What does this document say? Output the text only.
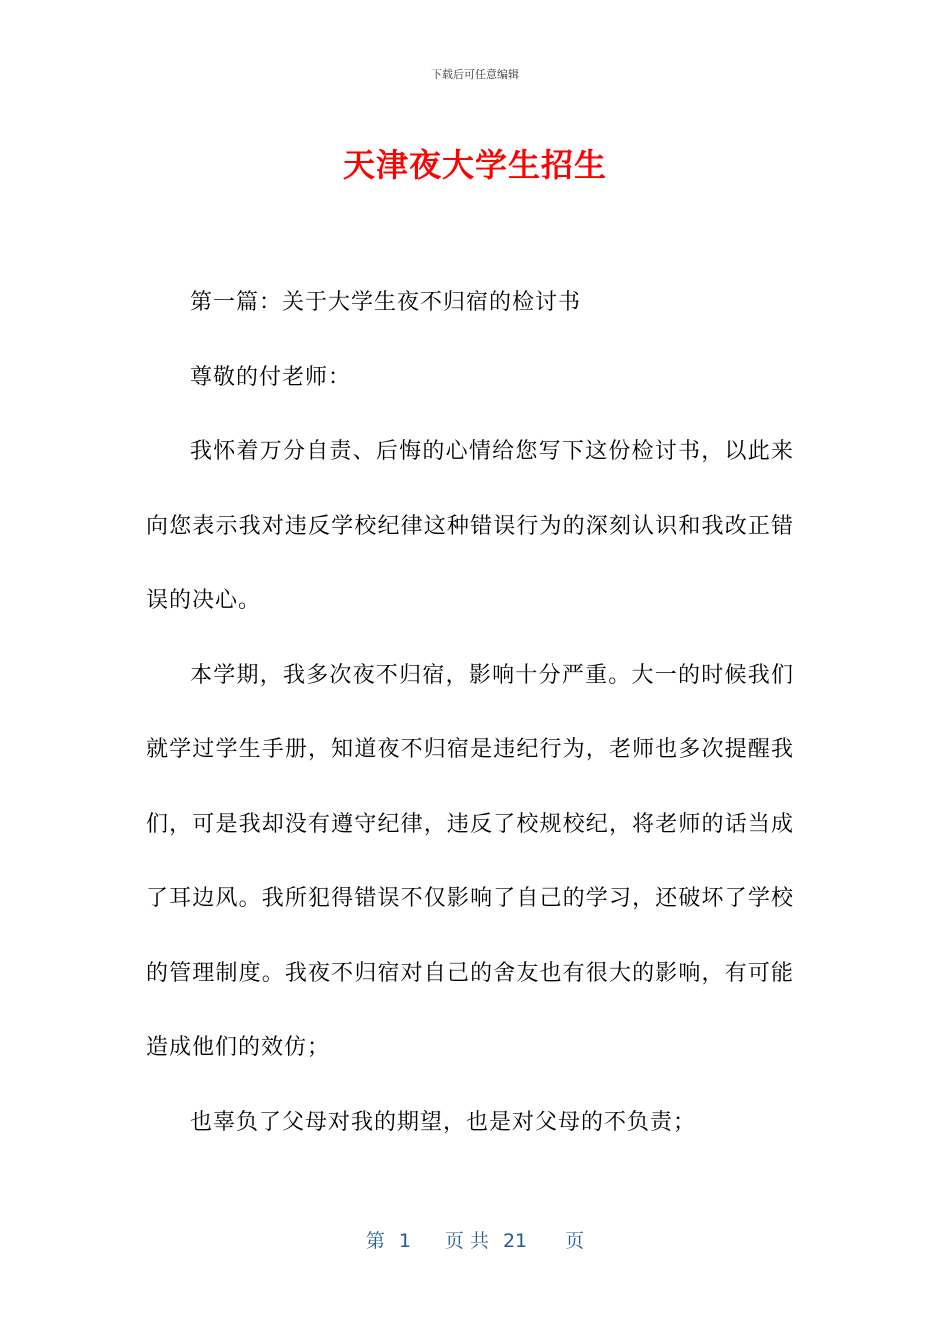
下载后可任意编辑
天津夜大学生招生

第一篇：关于大学生夜不归宿的检讨书

尊敬的付老师：

我怀着万分自责、后悔的心情给您写下这份检讨书，以此来向您表示我对违反学校纪律这种错误行为的深刻认识和我改正错误的决心。

本学期，我多次夜不归宿，影响十分严重。大一的时候我们就学过学生手册，知道夜不归宿是违纪行为，老师也多次提醒我们，可是我却没有遵守纪律，违反了校规校纪，将老师的话当成了耳边风。我所犯得错误不仅影响了自己的学习，还破坏了学校的管理制度。我夜不归宿对自己的舍友也有很大的影响，有可能造成他们的效仿；

也辜负了父母对我的期望，也是对父母的不负责；

第 1 页 共 21 页
